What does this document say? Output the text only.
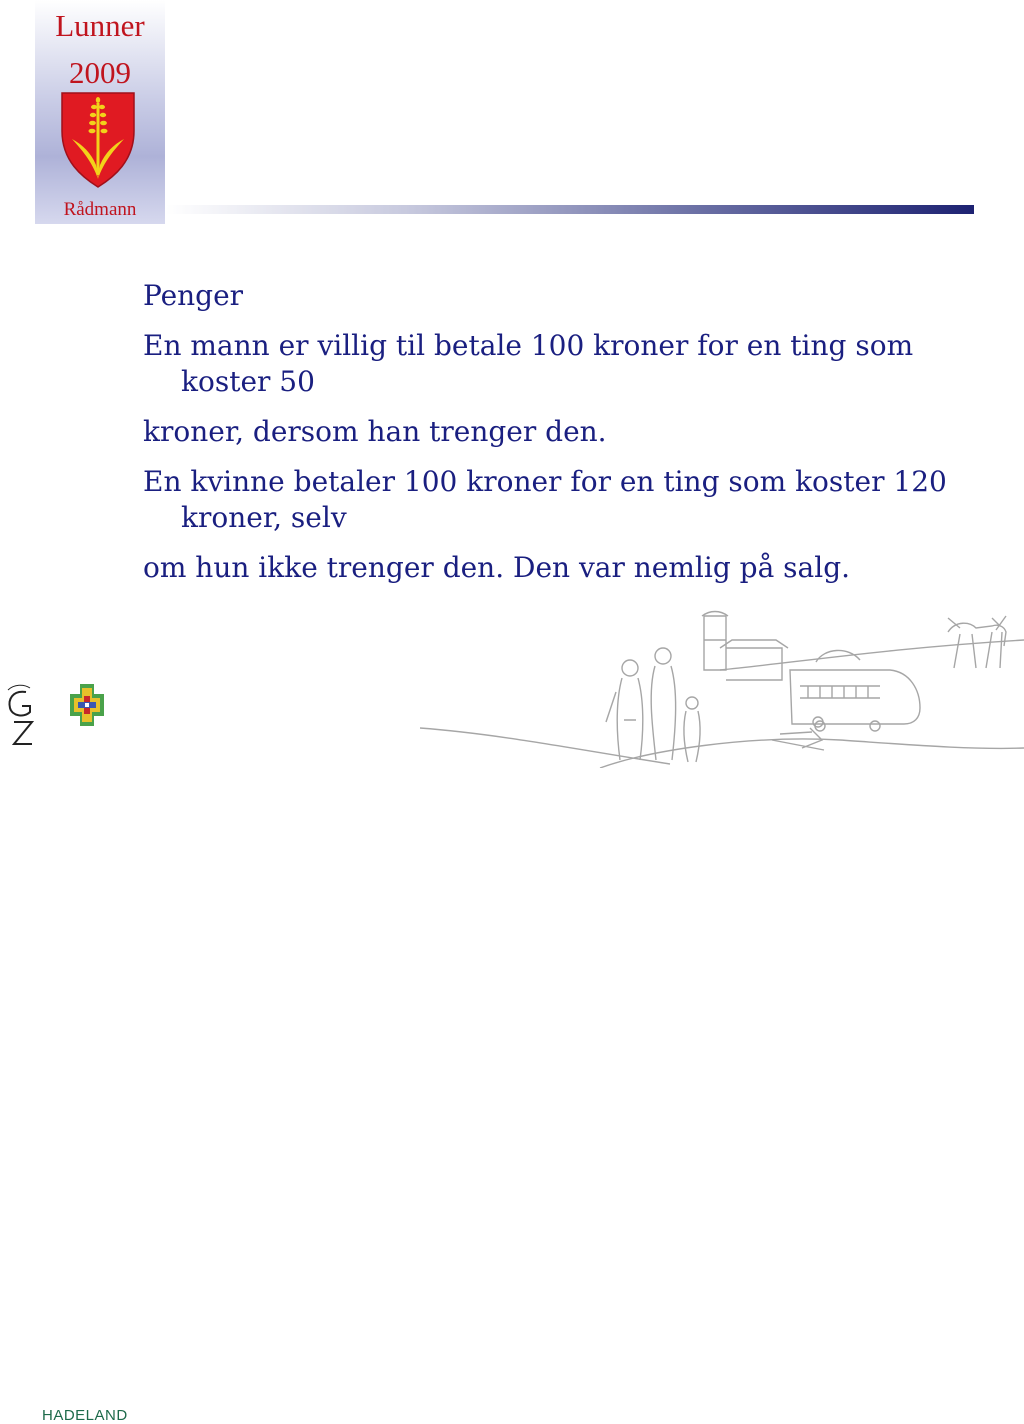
Lunner
2009
Rådmann

Penger

En mann er villig til betale 100 kroner for en ting som koster 50

kroner, dersom han trenger den.

En kvinne betaler 100 kroner for en ting som koster 120 kroner, selv

om hun ikke trenger den. Den var nemlig på salg.

HADELAND
